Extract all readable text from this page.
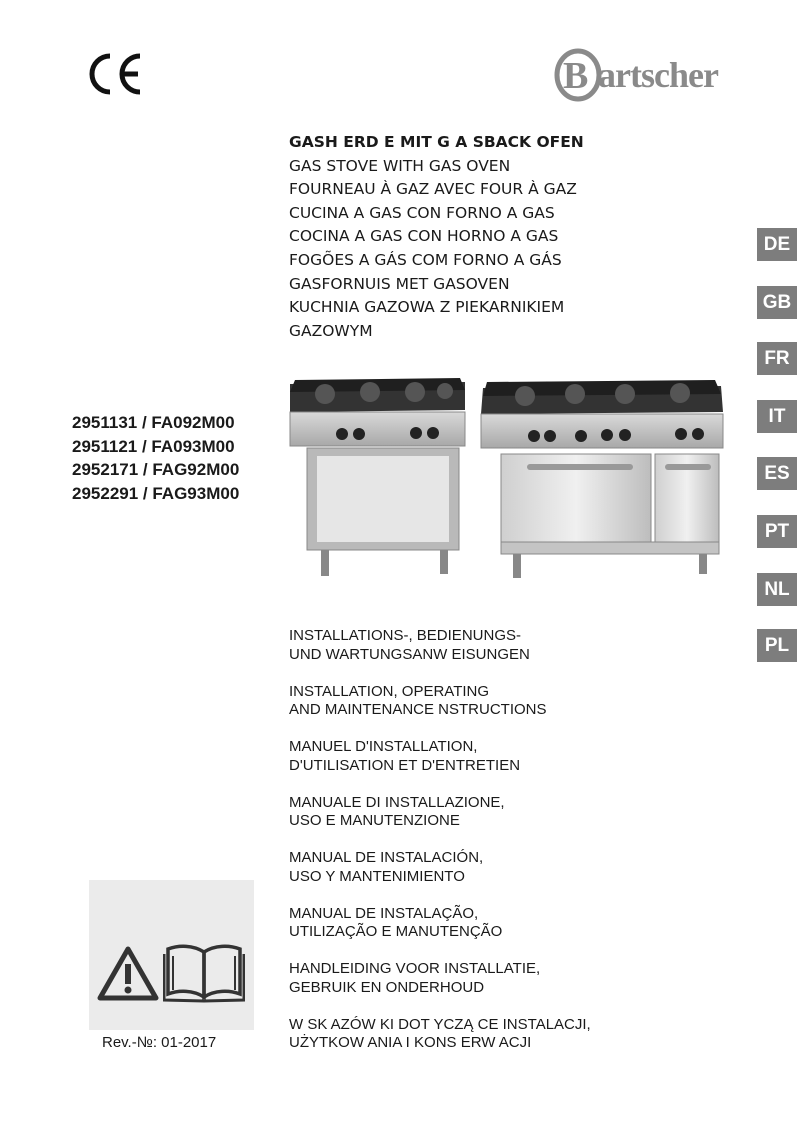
B artscher
GASH ERD E MIT G A SBACK OFEN
GAS STOVE WITH GAS OVEN
FOURNEAU À GAZ AVEC FOUR À GAZ
CUCINA A GAS CON FORNO A GAS
COCINA A GAS CON HORNO A GAS
FOGÕES A GÁS COM FORNO A GÁS
GASFORNUIS MET GASOVEN
KUCHNIA GAZOWA Z PIEKARNIKIEM
GAZOWYM
2951131 / FA092M00
2951121 / FA093M00
2952171 / FAG92M00
2952291 / FAG93M00
DE
GB
FR
IT
ES
PT
NL
PL
INSTALLATIONS-, BEDIENUNGS-
UND WARTUNGSANW EISUNGEN
INSTALLATION, OPERATING
AND MAINTENANCE NSTRUCTIONS
MANUEL D'INSTALLATION,
D'UTILISATION ET D'ENTRETIEN
MANUALE DI INSTALLAZIONE,
USO E MANUTENZIONE
MANUAL DE INSTALACIÓN,
USO Y MANTENIMIENTO
MANUAL DE INSTALAÇÃO,
UTILIZAÇÃO E MANUTENÇÃO
HANDLEIDING VOOR INSTALLATIE,
GEBRUIK EN ONDERHOUD
W SK AZÓW KI DOT YCZĄ CE INSTALACJI,
UŻYTKOW ANIA I KONS ERW ACJI
Rev.-№: 01-2017
